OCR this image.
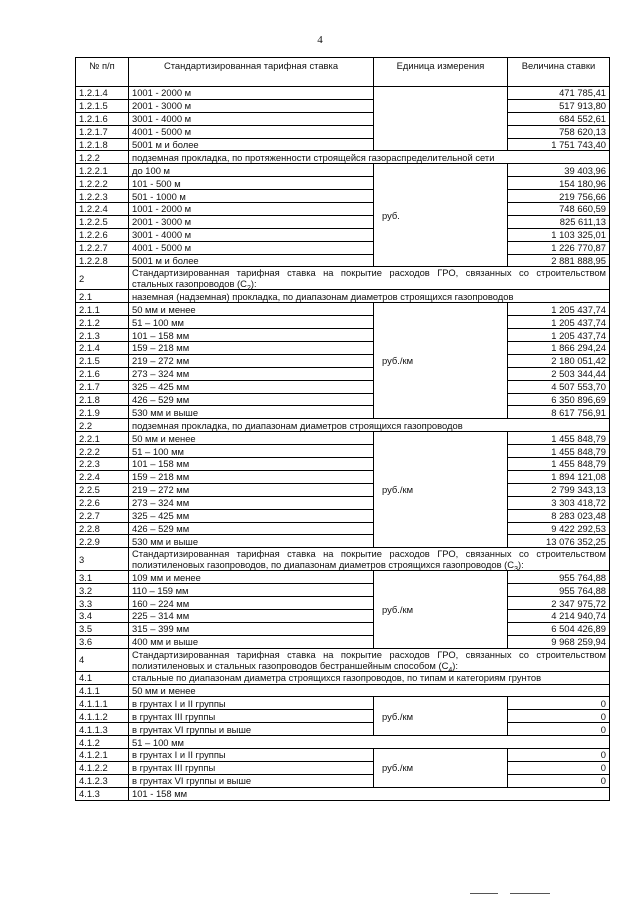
4
№ п/п	Стандартизированная тарифная ставка	Единица измерения	Величина ставки
1.2.1.4	1001 - 2000 м		471 785,41
1.2.1.5	2001 - 3000 м		517 913,80
1.2.1.6	3001 - 4000 м		684 552,61
1.2.1.7	4001 - 5000 м		758 620,13
1.2.1.8	5001 м и более		1 751 743,40
1.2.2	подземная прокладка, по протяженности строящейся газораспределительной сети		
1.2.2.1	до 100 м	руб.	39 403,96
1.2.2.2	101 - 500 м		154 180,96
1.2.2.3	501 - 1000 м		219 756,66
1.2.2.4	1001 - 2000 м		748 660,59
1.2.2.5	2001 - 3000 м		825 611,13
1.2.2.6	3001 - 4000 м		1 103 325,01
1.2.2.7	4001 - 5000 м		1 226 770,87
1.2.2.8	5001 м и более		2 881 888,95
2	Стандартизированная тарифная ставка на покрытие расходов ГРО, связанных со строительством стальных газопроводов $(С_2)$:		
2.1	наземная (надземная) прокладка, по диапазонам диаметров строящихся газопроводов		
2.1.1	50 мм и менее	руб./км	1 205 437,74
2.1.2	51 – 100 мм		1 205 437,74
2.1.3	101 – 158 мм		1 205 437,74
2.1.4	159 – 218 мм		1 866 294,24
2.1.5	219 – 272 мм		2 180 051,42
2.1.6	273 – 324 мм		2 503 344,44
2.1.7	325 – 425 мм		4 507 553,70
2.1.8	426 – 529 мм		6 350 896,69
2.1.9	530 мм и выше		8 617 756,91
2.2	подземная прокладка, по диапазонам диаметров строящихся газопроводов		
2.2.1	50 мм и менее	руб./км	1 455 848,79
2.2.2	51 – 100 мм		1 455 848,79
2.2.3	101 – 158 мм		1 455 848,79
2.2.4	159 – 218 мм		1 894 121,08
2.2.5	219 – 272 мм		2 799 343,13
2.2.6	273 – 324 мм		3 303 418,72
2.2.7	325 – 425 мм		8 283 023,48
2.2.8	426 – 529 мм		9 422 292,53
2.2.9	530 мм и выше		13 076 352,25
3	Стандартизированная тарифная ставка на покрытие расходов ГРО, связанных со строительством полиэтиленовых газопроводов, по диапазонам диаметров строящихся газопроводов $(С_3)$:		
3.1	109 мм и менее	руб./км	955 764,88
3.2	110 – 159 мм		955 764,88
3.3	160 – 224 мм		2 347 975,72
3.4	225 – 314 мм		4 214 940,74
3.5	315 – 399 мм		6 504 426,89
3.6	400 мм и выше		9 968 259,94
4	Стандартизированная тарифная ставка на покрытие расходов ГРО, связанных со строительством полиэтиленовых и стальных газопроводов бестраншейным способом $(С_4)$:		
4.1	стальные по диапазонам диаметра строящихся газопроводов, по типам и категориям грунтов		
4.1.1	50 мм и менее		
4.1.1.1	в грунтах I и II группы	руб./км	0
4.1.1.2	в грунтах III группы		0
4.1.1.3	в грунтах VI группы и выше		0
4.1.2	51 – 100 мм		
4.1.2.1	в грунтах I и II группы	руб./км	0
4.1.2.2	в грунтах III группы		0
4.1.2.3	в грунтах VI группы и выше		0
4.1.3	101 - 158 мм		
